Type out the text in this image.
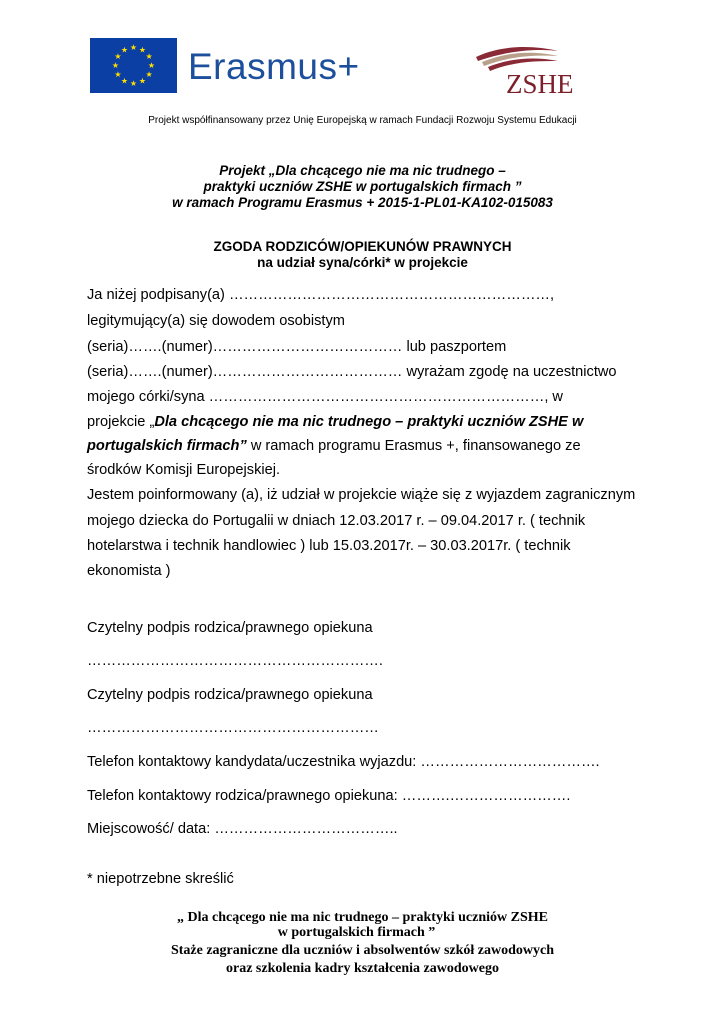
★ ★
★
★
★
★
★
★
★
★
★
★ Erasmus+	ZSHE
Projekt współfinansowany przez Unię Europejską w ramach Fundacji Rozwoju Systemu Edukacji
Projekt „Dla chcącego nie ma nic trudnego –
praktyki uczniów ZSHE w portugalskich firmach ”
w ramach Programu Erasmus + 2015-1-PL01-KA102-015083
ZGODA RODZICÓW/OPIEKUNÓW PRAWNYCH
na udział syna/córki* w projekcie
Ja niżej podpisany(a) …………………………………………………………,
legitymujący(a) się dowodem osobistym
(seria)…….(numer)………………………………… lub paszportem
(seria)…….(numer)………………………………… wyrażam zgodę na uczestnictwo
mojego córki/syna ……………………………………………………………, w
projekcie „Dla chcącego nie ma nic trudnego – praktyki uczniów ZSHE w
portugalskich firmach” w ramach programu Erasmus +, finansowanego ze
środków Komisji Europejskiej.
Jestem poinformowany (a), iż udział w projekcie wiąże się z wyjazdem zagranicznym
mojego dziecka do Portugalii w dniach 12.03.2017 r. – 09.04.2017 r. ( technik
hotelarstwa i technik handlowiec ) lub 15.03.2017r. – 30.03.2017r. ( technik
ekonomista )
Czytelny podpis rodzica/prawnego opiekuna
…………………………………………………….
Czytelny podpis rodzica/prawnego opiekuna
……………………………………………………
Telefon kontaktowy kandydata/uczestnika wyjazdu: ……………………………….
Telefon kontaktowy rodzica/prawnego opiekuna: ……….…………………….
Miejscowość/ data: ………………………………..
* niepotrzebne skreślić
„ Dla chcącego nie ma nic trudnego – praktyki uczniów ZSHE
w portugalskich firmach ”
Staże zagraniczne dla uczniów i absolwentów szkół zawodowych
oraz szkolenia kadry kształcenia zawodowego
